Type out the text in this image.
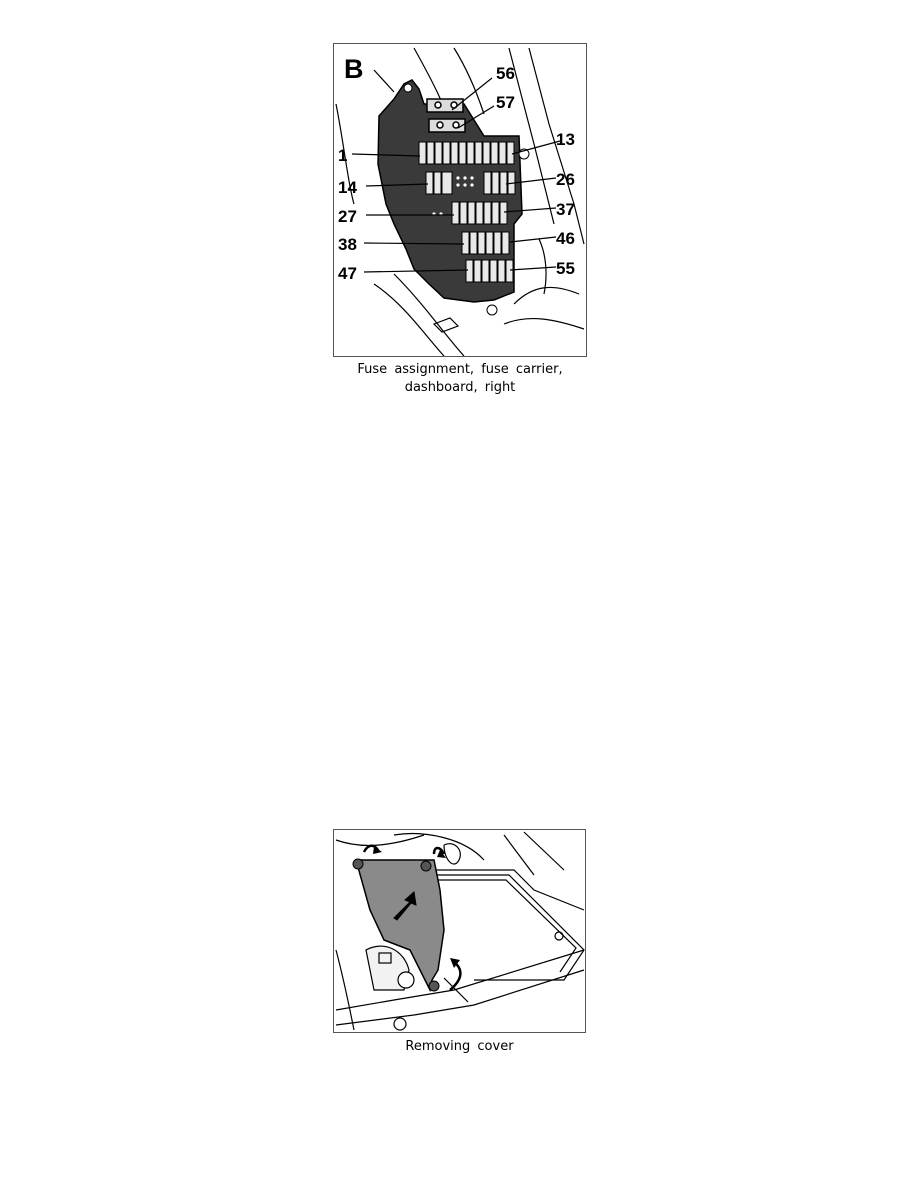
B	56
57
13
1
26
14
37
27
46
38
55
47
Fuse assignment, fuse carrier,
dashboard, right
Removing cover
